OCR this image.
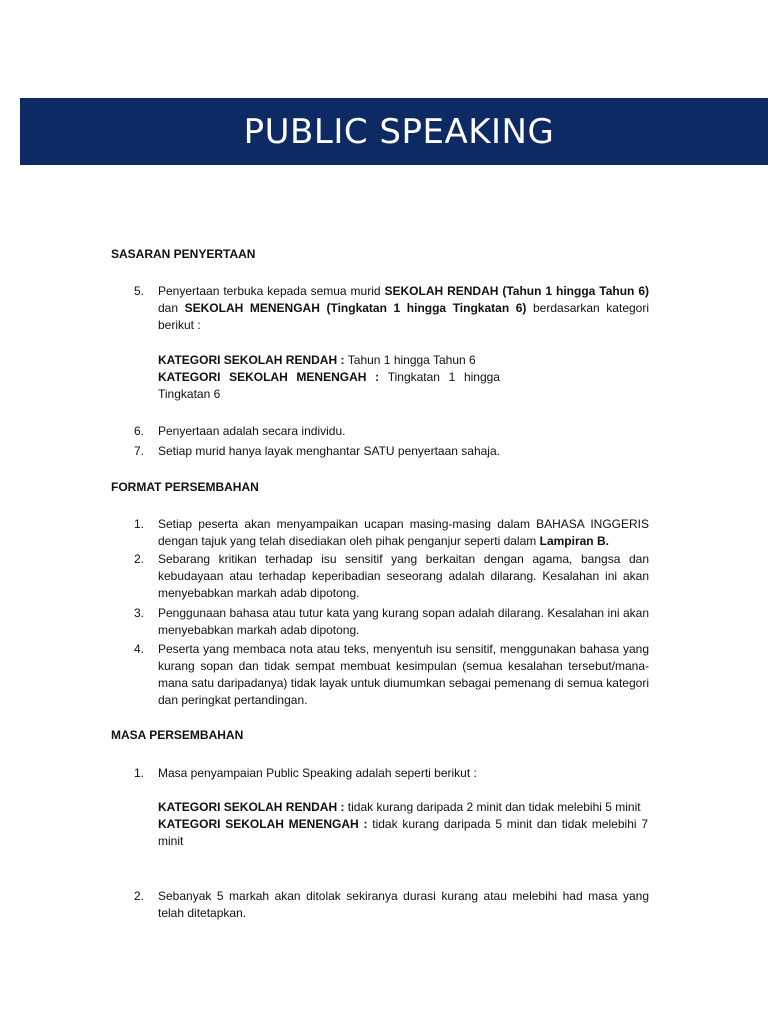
PUBLIC SPEAKING
SASARAN PENYERTAAN
5.	Penyertaan terbuka kepada semua murid SEKOLAH RENDAH (Tahun 1 hingga Tahun 6) dan SEKOLAH MENENGAH (Tingkatan 1 hingga Tingkatan 6) berdasarkan kategori berikut :
KATEGORI SEKOLAH RENDAH : Tahun 1 hingga Tahun 6
KATEGORI SEKOLAH MENENGAH : Tingkatan 1 hingga Tingkatan 6
6.	Penyertaan adalah secara individu.
7.	Setiap murid hanya layak menghantar SATU penyertaan sahaja.
FORMAT PERSEMBAHAN
1.	Setiap peserta akan menyampaikan ucapan masing-masing dalam BAHASA INGGERIS dengan tajuk yang telah disediakan oleh pihak penganjur seperti dalam Lampiran B.
2.	Sebarang kritikan terhadap isu sensitif yang berkaitan dengan agama, bangsa dan kebudayaan atau terhadap keperibadian seseorang adalah dilarang. Kesalahan ini akan menyebabkan markah adab dipotong.
3.	Penggunaan bahasa atau tutur kata yang kurang sopan adalah dilarang. Kesalahan ini akan menyebabkan markah adab dipotong.
4.	Peserta yang membaca nota atau teks, menyentuh isu sensitif, menggunakan bahasa yang kurang sopan dan tidak sempat membuat kesimpulan (semua kesalahan tersebut/mana-mana satu daripadanya) tidak layak untuk diumumkan sebagai pemenang di semua kategori dan peringkat pertandingan.
MASA PERSEMBAHAN
1.	Masa penyampaian Public Speaking adalah seperti berikut :
KATEGORI SEKOLAH RENDAH : tidak kurang daripada 2 minit dan tidak melebihi 5 minit
KATEGORI SEKOLAH MENENGAH : tidak kurang daripada 5 minit dan tidak melebihi 7 minit
2.	Sebanyak 5 markah akan ditolak sekiranya durasi kurang atau melebihi had masa yang telah ditetapkan.
